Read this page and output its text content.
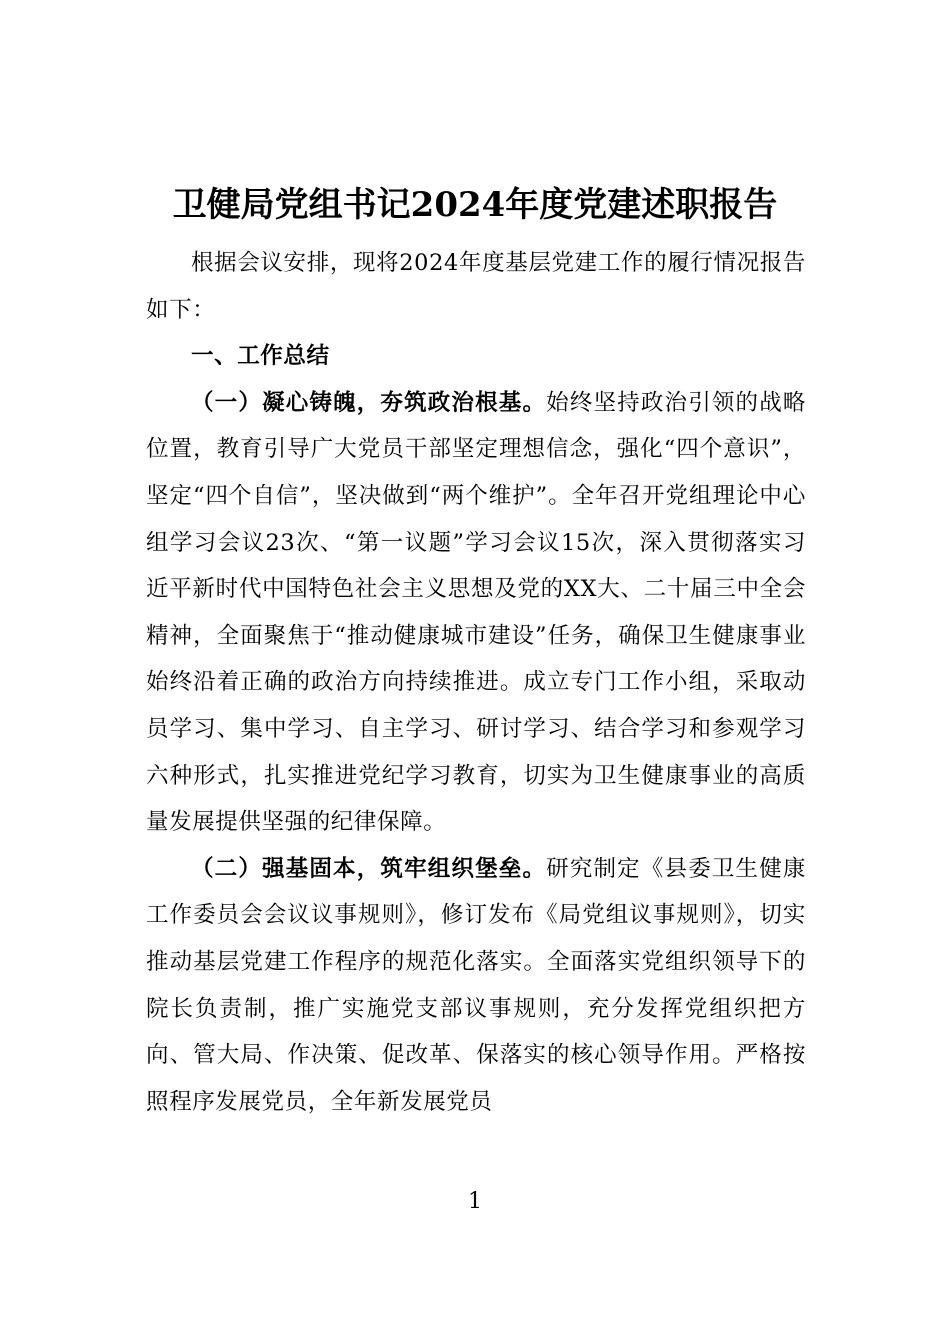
卫健局党组书记2024年度党建述职报告

根据会议安排，现将2024年度基层党建工作的履行情况报告如下：

一、工作总结

（一）凝心铸魄，夯筑政治根基。始终坚持政治引领的战略位置，教育引导广大党员干部坚定理想信念，强化“四个意识”，坚定“四个自信”，坚决做到“两个维护”。全年召开党组理论中心组学习会议23次、“第一议题”学习会议15次，深入贯彻落实习近平新时代中国特色社会主义思想及党的XX大、二十届三中全会精神，全面聚焦于“推动健康城市建设”任务，确保卫生健康事业始终沿着正确的政治方向持续推进。成立专门工作小组，采取动员学习、集中学习、自主学习、研讨学习、结合学习和参观学习六种形式，扎实推进党纪学习教育，切实为卫生健康事业的高质量发展提供坚强的纪律保障。

（二）强基固本，筑牢组织堡垒。研究制定《县委卫生健康工作委员会会议议事规则》，修订发布《局党组议事规则》，切实推动基层党建工作程序的规范化落实。全面落实党组织领导下的院长负责制，推广实施党支部议事规则，充分发挥党组织把方向、管大局、作决策、促改革、保落实的核心领导作用。严格按照程序发展党员，全年新发展党员

1
